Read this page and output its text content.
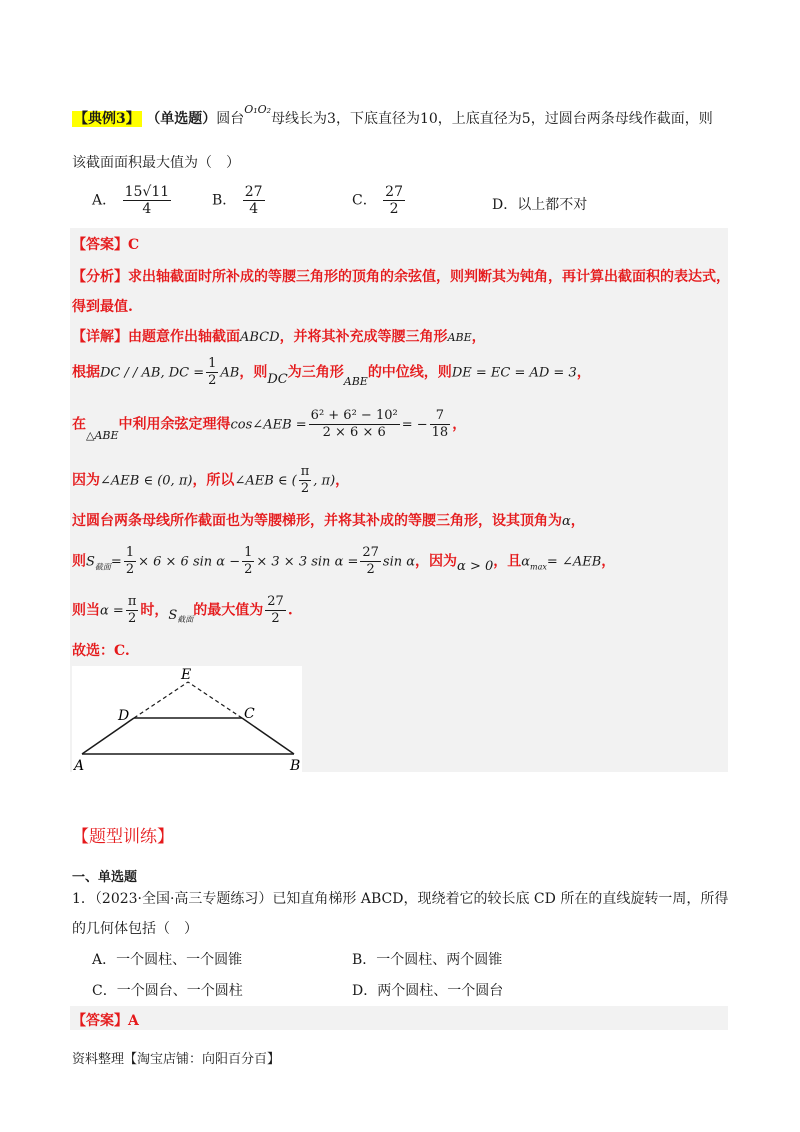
【典例3】 （单选题）圆台$^{O_1O_2}$母线长为3，下底直径为10，上底直径为5，过圆台两条母线作截面，则
该截面面积最大值为（　）
A． $\frac{15√11}{4}$	B． $\frac{27}{4}$	C． $\frac{27}{2}$	D．以上都不对
【答案】C
【分析】求出轴截面时所补成的等腰三角形的顶角的余弦值，则判断其为钝角，再计算出截面积的表达式，
得到最值.
【详解】由题意作出轴截面ABCD，并将其补充成等腰三角形ABE，
根据DC / / AB, DC = $\frac{1}{2}$ AB，则DC为三角形$_{ABE}$的中位线，则DE = EC = AD = 3，
在$_{\triangle ABE}$中利用余弦定理得cos∠AEB = $\frac{\text{6² + 6² − 10²}}{2 \times 6 \times 6}$ = − $\frac{7}{18}$ ，
因为∠AEB ∈ (0, π)，所以∠AEB ∈ ( $\frac{\pi}{2}$ , π)，
过圆台两条母线所作截面也为等腰梯形，并将其补成的等腰三角形，设其顶角为α，
则$S_{截面}= \frac{1}{2} \times 6 \times 6$ $\sin \alpha - \frac{1}{2} \times 3 \times 3$ $\sin \alpha = \frac{27}{2}$ sin α，因为α > 0，且$\alpha_{max}=$ ∠AEB，
则当$\alpha = \frac{\pi}{2}$ 时，$S_{截面}$的最大值为 $\frac{27}{2}$ .
故选：C.
E
D	C
A	B
【题型训练】
一、单选题
1．（2023·全国·高三专题练习）已知直角梯形 ABCD，现绕着它的较长底 CD 所在的直线旋转一周，所得
的几何体包括（　）
A．一个圆柱、一个圆锥	B．一个圆柱、两个圆锥
C．一个圆台、一个圆柱	D．两个圆柱、一个圆台
【答案】A
资料整理【淘宝店铺：向阳百分百】
